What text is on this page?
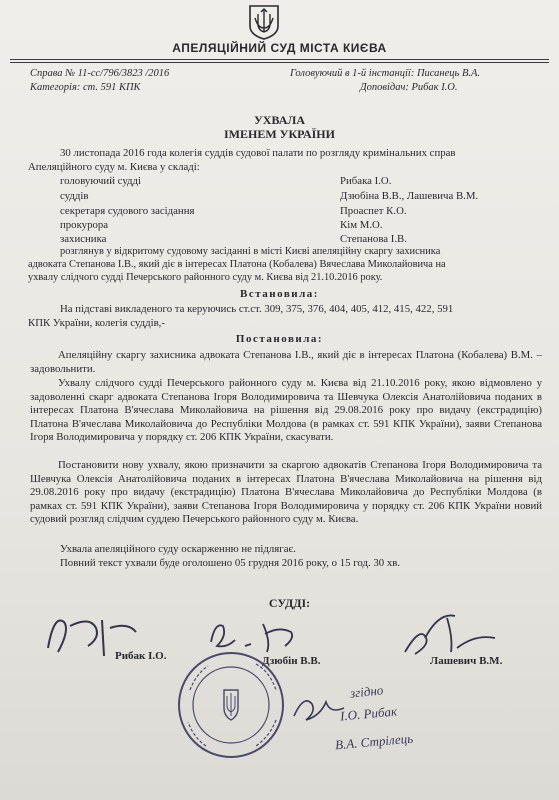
АПЕЛЯЦІЙНИЙ СУД МІСТА КИЄВА
Справа № 11-сс/796/3823 /2016
Категорія: ст. 591 КПК
Головуючий в 1-й інстанції: Писанець В.А.
Доповідач: Рибак І.О.
УХВАЛА
ІМЕНЕМ УКРАЇНИ
30 листопада 2016 года колегія суддів судової палати по розгляду кримінальних справ
Апеляційного суду м. Києва у складі:
головуючий судді	Рибака І.О.
суддів	Дзюбіна В.В., Лашевича В.М.
секретаря судового засідання	Проаспет К.О.
прокурора	Кім М.О.
захисника	Степанова І.В.
розглянув у відкритому судовому засіданні в місті Києві апеляційну скаргу захисника
адвоката Степанова І.В., який діє в інтересах Платона (Кобалева) Вячеслава Миколайовича на
ухвалу слідчого судді Печерського районного суду м. Києва від 21.10.2016 року.
Встановила:
На підставі викладеного та керуючись ст.ст. 309, 375, 376, 404, 405, 412, 415, 422, 591
КПК України, колегія суддів,-
Постановила:
Апеляційну скаргу захисника адвоката Степанова І.В., який діє в інтересах Платона (Кобалева) В.М. – задовольнити.
Ухвалу слідчого судді Печерського районного суду м. Києва від 21.10.2016 року, якою відмовлено у задоволенні скарг адвоката Степанова Ігоря Володимировича та Шевчука Олексія Анатолійовича поданих в інтересах Платона В'ячеслава Миколайовича на рішення від 29.08.2016 року про видачу (екстрадицію) Платона В'ячеслава Миколайовича до Республіки Молдова (в рамках ст. 591 КПК України), заяви Степанова Ігоря Володимировича у порядку ст. 206 КПК України, скасувати.
Постановити нову ухвалу, якою призначити за скаргою адвокатів Степанова Ігоря Володимировича та Шевчука Олексія Анатолійовича поданих в інтересах Платона В'ячеслава Миколайовича на рішення від 29.08.2016 року про видачу (екстрадицію) Платона В'ячеслава Миколайовича до Республіки Молдова (в рамках ст. 591 КПК України), заяви Степанова Ігоря Володимировича у порядку ст. 206 КПК України новий судовий розгляд слідчим суддею Печерського районного суду м. Києва.
Ухвала апеляційного суду оскарженню не підлягає.
Повний текст ухвали буде оголошено 05 грудня 2016 року, о 15 год. 30 хв.
СУДДІ:
Рибак І.О.	Дзюбін В.В.	Лашевич В.М.
згідно
І.О. Рибак
В.А. Стрілець
